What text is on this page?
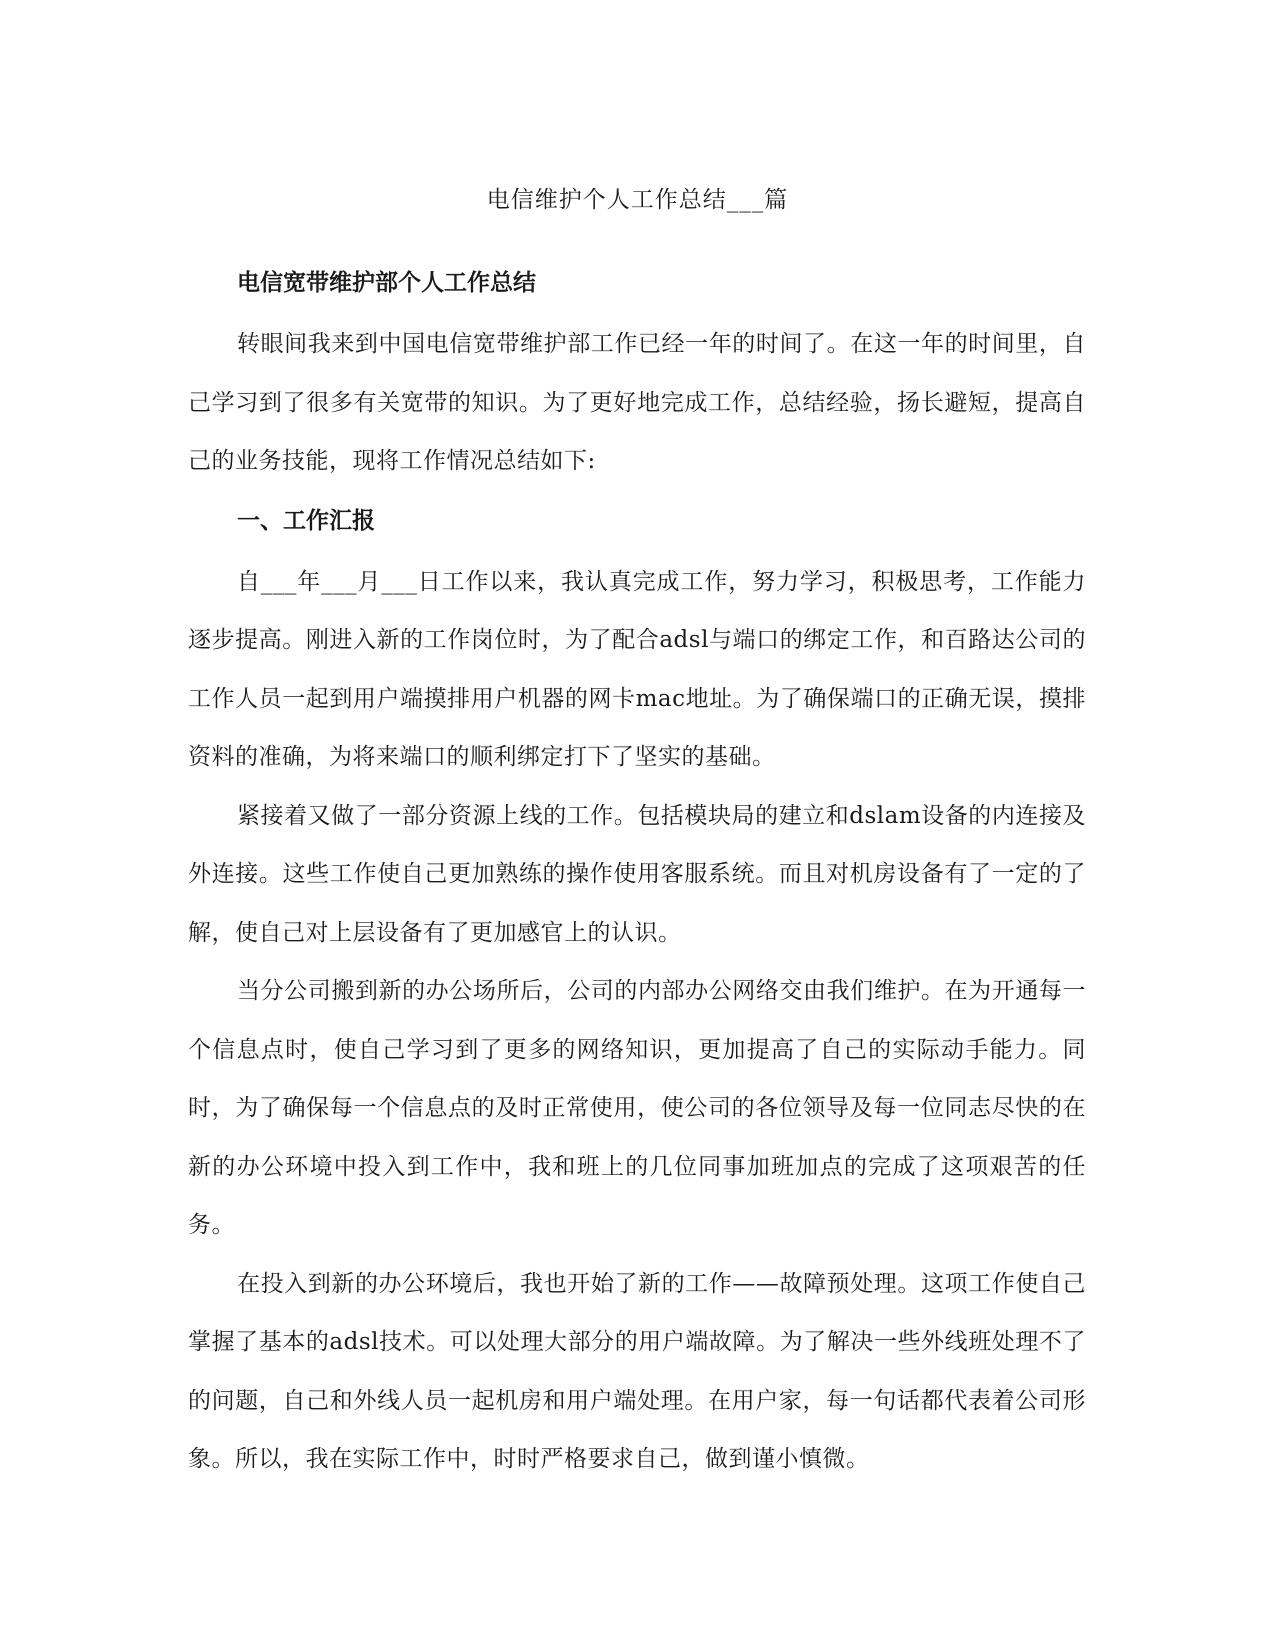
电信维护个人工作总结___篇
电信宽带维护部个人工作总结

转眼间我来到中国电信宽带维护部工作已经一年的时间了。在这一年的时间里，自己学习到了很多有关宽带的知识。为了更好地完成工作，总结经验，扬长避短，提高自己的业务技能，现将工作情况总结如下:

一、工作汇报

自___年___月___日工作以来，我认真完成工作，努力学习，积极思考，工作能力逐步提高。刚进入新的工作岗位时，为了配合adsl与端口的绑定工作，和百路达公司的工作人员一起到用户端摸排用户机器的网卡mac地址。为了确保端口的正确无误，摸排资料的准确，为将来端口的顺利绑定打下了坚实的基础。

紧接着又做了一部分资源上线的工作。包括模块局的建立和dslam设备的内连接及外连接。这些工作使自己更加熟练的操作使用客服系统。而且对机房设备有了一定的了解，使自己对上层设备有了更加感官上的认识。

当分公司搬到新的办公场所后，公司的内部办公网络交由我们维护。在为开通每一个信息点时，使自己学习到了更多的网络知识，更加提高了自己的实际动手能力。同时，为了确保每一个信息点的及时正常使用，使公司的各位领导及每一位同志尽快的在新的办公环境中投入到工作中，我和班上的几位同事加班加点的完成了这项艰苦的任务。

在投入到新的办公环境后，我也开始了新的工作——故障预处理。这项工作使自己掌握了基本的adsl技术。可以处理大部分的用户端故障。为了解决一些外线班处理不了的问题，自己和外线人员一起机房和用户端处理。在用户家，每一句话都代表着公司形象。所以，我在实际工作中，时时严格要求自己，做到谨小慎微。
